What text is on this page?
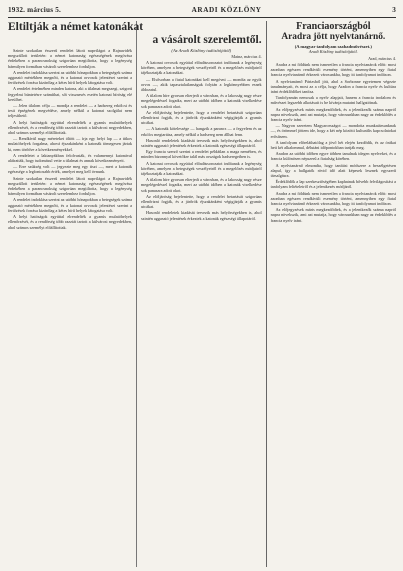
1932. március 5.	ARADI KÖZLÖNY	3
Eltiltják a német katonákat

Szinte szokatlan ésszerű rendelet látott napvilágot a Rajnavidék megszállott területén: a német katonaság egészségének megóvása érdekében a parancsnokság szigorúan megtiltotta, hogy a legénység bármilyen formában vásárolt szerelemhez forduljon.

A rendelet indoklása szerint az utóbbi hónapokban a betegségek száma aggasztó mértékben megnőtt, és a katonai orvosok jelentései szerint a fertőzések forrása kizárólag a kétes hírű helyek látogatása volt.

A rendelet értelmében minden katona, aki a tilalmat megszegi, szigorú fegyelmi büntetésre számíthat, sőt visszaesés esetén katonai bíróság elé kerülhet.

— Jelen tilalom célja — mondja a rendelet — a hadsereg erkölcsi és testi épségének megvédése, amely nélkül a katonai szolgálat nem teljesíthető.

A helyi hatóságok egyúttal elrendelték a gyanús mulatóhelyek ellenőrzését, és a rendőrség több razziát tartott a külvárosi negyedekben, ahol számos személyt előállítottak.

— Rendkívül nagy méreteket öltött — írja egy helyi lap — a titkos mulatóhelyek forgalma, ahová éjszakánként a katonák tömegesen jártak ki, nem törődve a következményekkel.

A rendeletet a laktanyákban felolvasták, és valamennyi katonával aláíratták, hogy tudomásul vette a tilalmat és annak következményeit.

— Erre szükség volt — jegyezte meg egy tiszt —, mert a katonák egészsége a legfontosabb érték, amelyet meg kell óvnunk.

Szinte szokatlan ésszerű rendelet látott napvilágot a Rajnavidék megszállott területén: a német katonaság egészségének megóvása érdekében a parancsnokság szigorúan megtiltotta, hogy a legénység bármilyen formában vásárolt szerelemhez forduljon.

A rendelet indoklása szerint az utóbbi hónapokban a betegségek száma aggasztó mértékben megnőtt, és a katonai orvosok jelentései szerint a fertőzések forrása kizárólag a kétes hírű helyek látogatása volt.

A helyi hatóságok egyúttal elrendelték a gyanús mulatóhelyek ellenőrzését, és a rendőrség több razziát tartott a külvárosi negyedekben, ahol számos személyt előállítottak.

a vásárolt szerelemtől.
(Az Aradi Közlöny tudósítójától)
Mainz, március 4.

A katonai orvosok egyúttal előadássorozatot indítanak a legénység körében, amelyen a betegségek veszélyeiről és a megelőzés módjairól tájékoztatják a katonákat.

— Elsősorban a fiatal katonákat kell megóvni — mondta az egyik orvos —, akik tapasztalatlanságuk folytán a legkönnyebben esnek áldozatul.

A tilalom híre gyorsan elterjedt a városban, és a lakosság nagy része megelégedéssel fogadta, mert az utóbbi időben a katonák viselkedése sok panaszra adott okot.

Az elöljáróság bejelentette, hogy a rendelet betartását szigorúan ellenőrizni fogják, és a járőrök éjszakánként végigjárják a gyanús utcákat.

— A katonák kötelessége — hangzik a parancs — a fegyelem és az erkölcs megtartása, amely nélkül a hadsereg nem állhat fenn.

Hasonló rendeletek kiadását tervezik más helyőrségekben is, ahol szintén aggasztó jelentések érkeztek a katonák egészségi állapotáról.

Egy francia szerző szerint a rendelet példátlan a maga nemében, és minden bizonnyal követőkre talál más országok hadseregeiben is.

A katonai orvosok egyúttal előadássorozatot indítanak a legénység körében, amelyen a betegségek veszélyeiről és a megelőzés módjairól tájékoztatják a katonákat.

A tilalom híre gyorsan elterjedt a városban, és a lakosság nagy része megelégedéssel fogadta, mert az utóbbi időben a katonák viselkedése sok panaszra adott okot.

Az elöljáróság bejelentette, hogy a rendelet betartását szigorúan ellenőrizni fogják, és a járőrök éjszakánként végigjárják a gyanús utcákat.

Hasonló rendeletek kiadását tervezik más helyőrségekben is, ahol szintén aggasztó jelentések érkeztek a katonák egészségi állapotáról.

Franciaországból
Aradra jött nyelvtanárnő.
(A magyar tanfolyam szabadművészet.)
Aradi Közlöny tudósítójától.
Arad, március 4.

Aradra a mi földünk nem ismeretlen a francia nyelvtanárok előtt: most azonban egészen rendkívüli esemény történt, amennyiben egy fiatal francia nyelvtanárnő érkezett városunkba, hogy itt tanfolyamot indítson.

A nyelvtanárnő Párizsból jött, ahol a Sorbonne egyetemen végezte tanulmányait, és most az a célja, hogy Aradon a francia nyelv és kultúra iránt érdeklődőket tanítsa.

Tanfolyamán nemcsak a nyelv alapjait, hanem a francia irodalom és művészet legszebb alkotásait is be kívánja mutatni hallgatóinak.

Az előjegyzések máris megkezdődtek, és a jelentkezők száma napról napra növekszik, ami azt mutatja, hogy városunkban nagy az érdeklődés a francia nyelv iránt.

— Nagyon szeretem Magyarországot — mondotta munkatársunknak —, és örömmel jöttem ide, hogy a két nép közötti kulturális kapcsolatokat erősítsem.

A tanfolyam előreláthatólag a jövő hét elején kezdődik, és az órákat heti két alkalommal, délutáni időpontokban tartják meg.

Aradon az utóbbi időben egyre többen tanulnak idegen nyelveket, és a francia különösen népszerű a fiatalság körében.

A nyelvtanárnő elmondta, hogy tanítási módszere a beszélgetésen alapul, így a hallgatók rövid idő alatt képesek lesznek egyszerű társalgásra.

Érdeklődők a lap szerkesztőségében kaphatnak bővebb felvilágosítást a tanfolyam feltételeiről és a jelentkezés módjáról.

Aradra a mi földünk nem ismeretlen a francia nyelvtanárok előtt: most azonban egészen rendkívüli esemény történt, amennyiben egy fiatal francia nyelvtanárnő érkezett városunkba, hogy itt tanfolyamot indítson.

Az előjegyzések máris megkezdődtek, és a jelentkezők száma napról napra növekszik, ami azt mutatja, hogy városunkban nagy az érdeklődés a francia nyelv iránt.
